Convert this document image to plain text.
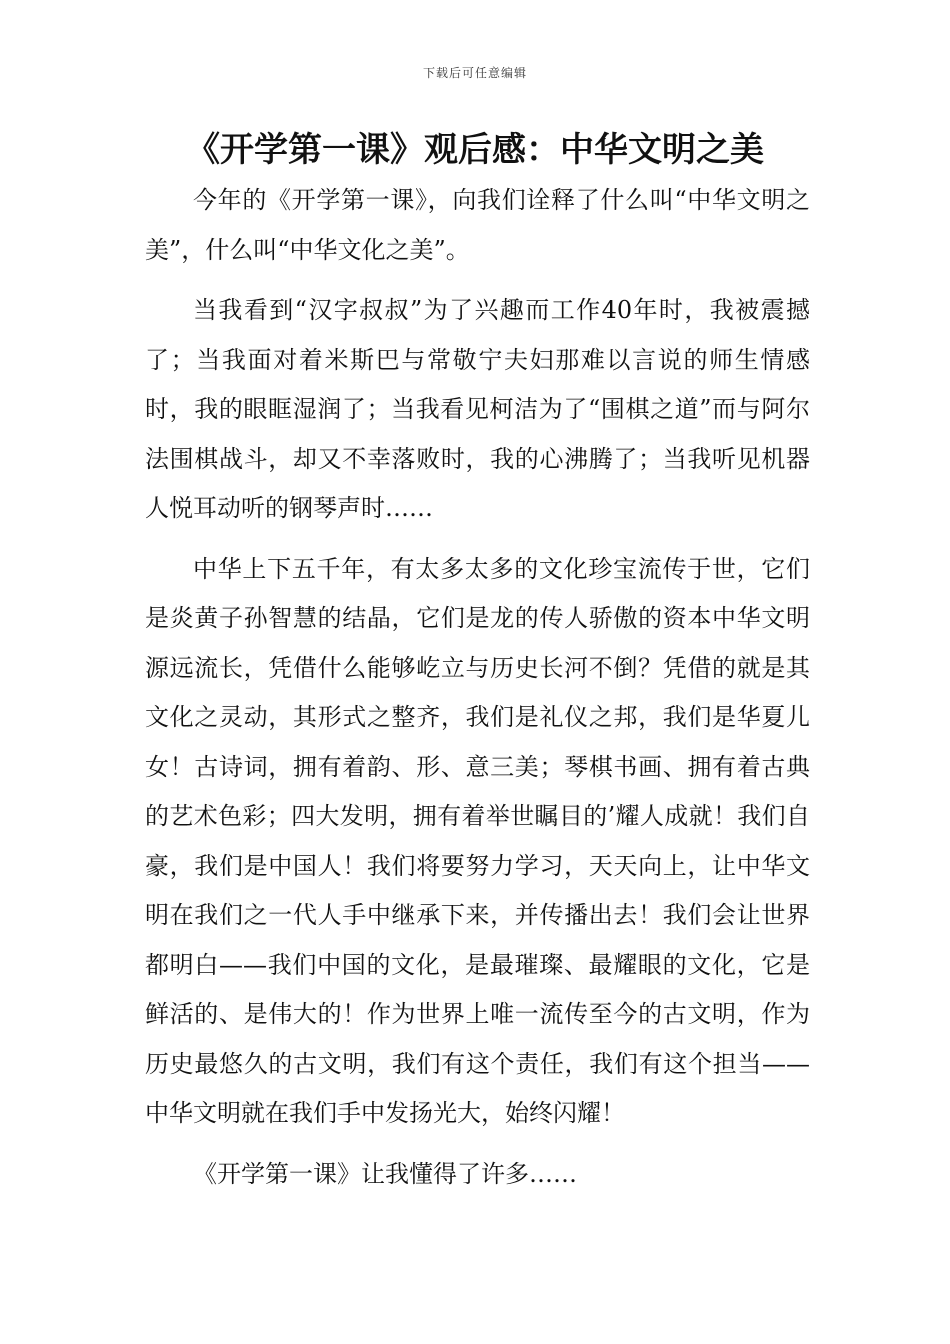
下载后可任意编辑
《开学第一课》观后感：中华文明之美

今年的《开学第一课》，向我们诠释了什么叫“中华文明之美”，什么叫“中华文化之美”。

当我看到“汉字叔叔”为了兴趣而工作40年时，我被震撼了；当我面对着米斯巴与常敬宁夫妇那难以言说的师生情感时，我的眼眶湿润了；当我看见柯洁为了“围棋之道”而与阿尔法围棋战斗，却又不幸落败时，我的心沸腾了；当我听见机器人悦耳动听的钢琴声时……

中华上下五千年，有太多太多的文化珍宝流传于世，它们是炎黄子孙智慧的结晶，它们是龙的传人骄傲的资本中华文明源远流长，凭借什么能够屹立与历史长河不倒？凭借的就是其文化之灵动，其形式之整齐，我们是礼仪之邦，我们是华夏儿女！古诗词，拥有着韵、形、意三美；琴棋书画、拥有着古典的艺术色彩；四大发明，拥有着举世瞩目的’耀人成就！我们自豪，我们是中国人！我们将要努力学习，天天向上，让中华文明在我们之一代人手中继承下来，并传播出去！我们会让世界都明白——我们中国的文化，是最璀璨、最耀眼的文化，它是鲜活的、是伟大的！作为世界上唯一流传至今的古文明，作为历史最悠久的古文明，我们有这个责任，我们有这个担当——中华文明就在我们手中发扬光大，始终闪耀！

《开学第一课》让我懂得了许多……
